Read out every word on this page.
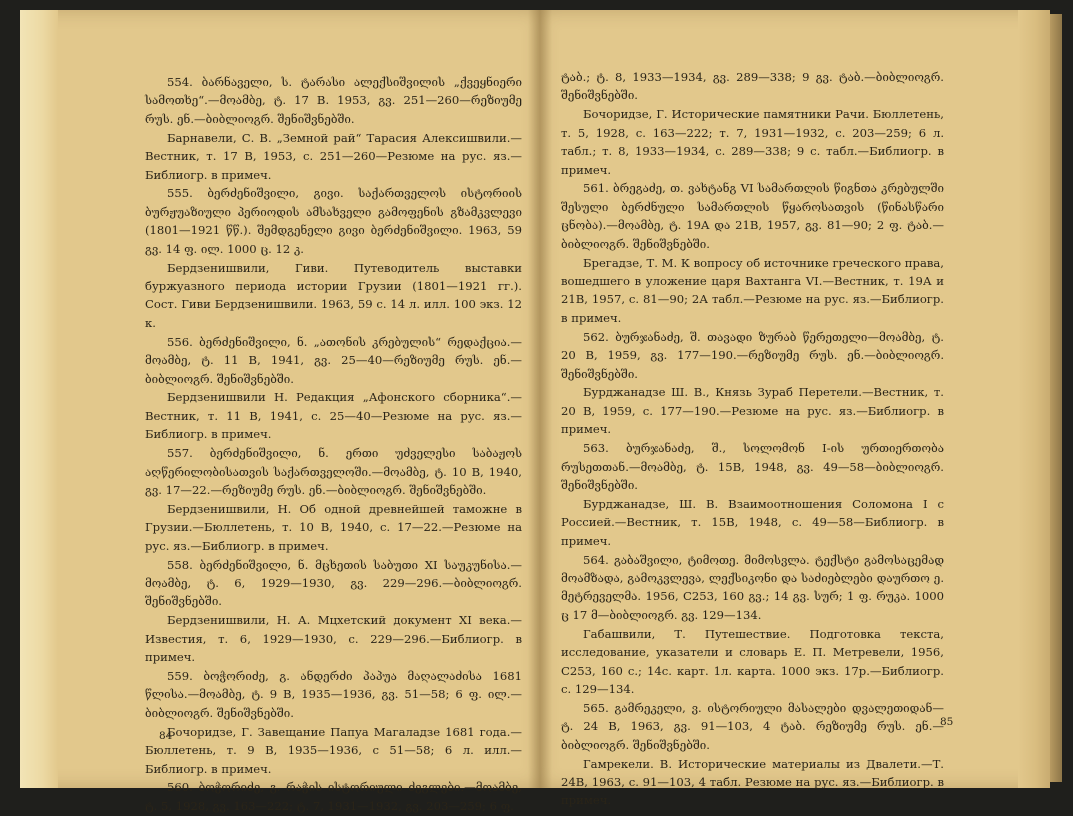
554. ბარნაველი, ს. ტარასი ალექსიშვილის „ქვეყნიერი სამოთხე“.—მოამბე, ტ. 17 B. 1953, გვ. 251—260—რეზიუმე რუს. ენ.—ბიბლიოგრ. შენიშვნებში.

Барнавели, С. В. „Земной рай“ Тарасия Алексишвили.—Вестник, т. 17 В, 1953, с. 251—260—Резюме на рус. яз.—Библиогр. в примеч.

555. ბერძენიშვილი, გივი. საქართველოს ისტორიის ბურჟუაზიული პერიოდის ამსახველი გამოფენის გზამკვლევი (1801—1921 წწ.). შემდგენელი გივი ბერძენიშვილი. 1963, 59 გვ. 14 ფ. ილ. 1000 ც. 12 კ.

Бердзенишвили, Гиви. Путеводитель выставки буржуазного периода истории Грузии (1801—1921 гг.). Сост. Гиви Бердзенишвили. 1963, 59 с. 14 л. илл. 100 экз. 12 к.

556. ბერძენიშვილი, ნ. „ათონის კრებულის“ რედაქცია.—მოამბე, ტ. 11 B, 1941, გვ. 25—40—რეზიუმე რუს. ენ.—ბიბლიოგრ. შენიშვნებში.

Бердзенишвили Н. Редакция „Афонского сборника“.—Вестник, т. 11 В, 1941, с. 25—40—Резюме на рус. яз.—Библиогр. в примеч.

557. ბერძენიშვილი, ნ. ერთი უძველესი საბაჟოს აღწერილობისათვის საქართველოში.—მოამბე, ტ. 10 B, 1940, გვ. 17—22.—რეზიუმე რუს. ენ.—ბიბლიოგრ. შენიშვნებში.

Бердзенишвили, Н. Об одной древнейшей таможне в Грузии.—Бюллетень, т. 10 В, 1940, с. 17—22.—Резюме на рус. яз.—Библиогр. в примеч.

558. ბერძენიშვილი, ნ. მცხეთის საბუთი XI საუკუნისა.—მოამბე, ტ. 6, 1929—1930, გვ. 229—296.—ბიბლიოგრ. შენიშვნებში.

Бердзенишвили, Н. А. Мцхетский документ XI века.—Известия, т. 6, 1929—1930, с. 229—296.—Библиогр. в примеч.

559. ბოჭორიძე, გ. ანდერძი პაპუა მაღალაძისა 1681 წლისა.—მოამბე, ტ. 9 B, 1935—1936, გვ. 51—58; 6 ფ. ილ.—ბიბლიოგრ. შენიშვნებში.

Бочоридзе, Г. Завещание Папуа Магаладзе 1681 года.—Бюллетень, т. 9 В, 1935—1936, с 51—58; 6 л. илл.—Библиогр. в примеч.

560. ბოჭორიძე, გ. რაჭის ისტორიული ძეგლები.—მოამბე, ტ. 5, 1928, გვ. 163—222; ტ. 7, 1931—1932, გვ. 203—259; 6 ფ.

84

ტაბ.; ტ. 8, 1933—1934, გვ. 289—338; 9 გვ. ტაბ.—ბიბლიოგრ. შენიშვნებში.

Бочоридзе, Г. Исторические памятники Рачи. Бюллетень, т. 5, 1928, с. 163—222; т. 7, 1931—1932, с. 203—259; 6 л. табл.; т. 8, 1933—1934, с. 289—338; 9 с. табл.—Библиогр. в примеч.

561. ბრეგაძე, თ. ვახტანგ VI სამართლის წიგნთა კრებულში შესული ბერძნული სამართლის წყაროსათვის (წინასწარი ცნობა).—მოამბე, ტ. 19A და 21B, 1957, გვ. 81—90; 2 ფ. ტაბ.—ბიბლიოგრ. შენიშვნებში.

Брегадзе, Т. М. К вопросу об источнике греческого права, вошедшего в уложение царя Вахтанга VI.—Вестник, т. 19А и 21В, 1957, с. 81—90; 2А табл.—Резюме на рус. яз.—Библиогр. в примеч.

562. ბურჯანაძე, შ. თავადი ზურაბ წერეთელი—მოამბე, ტ. 20 B, 1959, გვ. 177—190.—რეზიუმე რუს. ენ.—ბიბლიოგრ. შენიშვნებში.

Бурджанадзе Ш. В., Князь Зураб Перетели.—Вестник, т. 20 В, 1959, с. 177—190.—Резюме на рус. яз.—Библиогр. в примеч.

563. ბურჯანაძე, შ., სოლომონ I-ის ურთიერთობა რუსეთთან.—მოამბე, ტ. 15B, 1948, გვ. 49—58—ბიბლიოგრ. შენიშვნებში.

Бурджанадзе, Ш. В. Взаимоотношения Соломона I с Россией.—Вестник, т. 15В, 1948, с. 49—58—Библиогр. в примеч.

564. გაბაშვილი, ტიმოთე. მიმოსვლა. ტექსტი გამოსაცემად მოამზადა, გამოკვლევა, ლექსიკონი და საძიებლები დაურთო ე. მეტრეველმა. 1956, C253, 160 გვ.; 14 გვ. სურ; 1 ფ. რუკა. 1000 ც 17 მ—ბიბლიოგრ. გვ. 129—134.

Габашвили, Т. Путешествие. Подготовка текста, исследование, указатели и словарь Е. П. Метревели, 1956, C253, 160 с.; 14с. карт. 1л. карта. 1000 экз. 17р.—Библиогр. с. 129—134.

565. გამრეკელი, ვ. ისტორიული მასალები დვალეთიდან—ტ. 24 B, 1963, გვ. 91—103, 4 ტაბ. რეზიუმე რუს. ენ.—ბიბლიოგრ. შენიშვნებში.

Гамрекели. В. Исторические материалы из Двалети.—Т. 24В, 1963, с. 91—103, 4 табл. Резюме на рус. яз.—Библиогр. в примеч.

85
